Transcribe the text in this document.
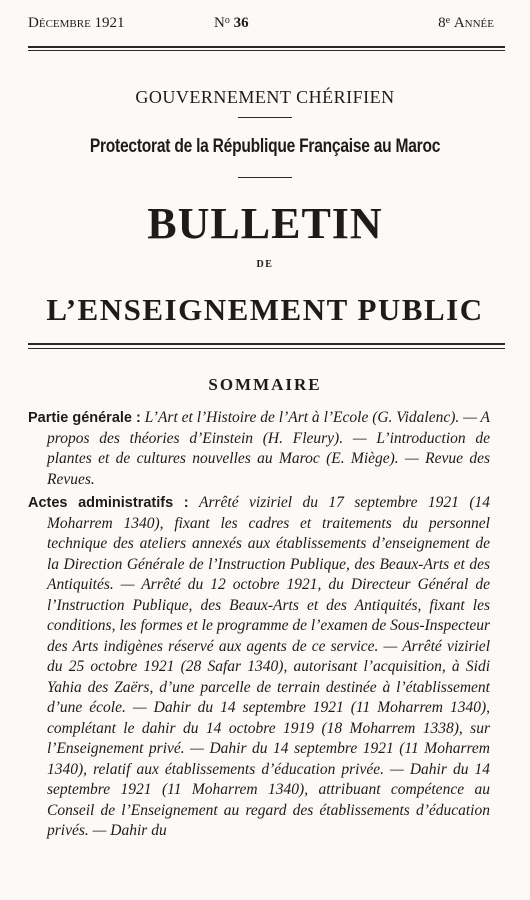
Décembre 1921	$N^o$ 36	8e Année
GOUVERNEMENT CHÉRIFIEN
Protectorat de la République Française au Maroc
BULLETIN
DE
L’ENSEIGNEMENT PUBLIC
SOMMAIRE
Partie générale : L’Art et l’Histoire de l’Art à l’Ecole (G. Vidalenc). — A propos des théories d’Einstein (H. Fleury). — L’introduction de plantes et de cultures nouvelles au Maroc (E. Miège). — Revue des Revues.
Actes administratifs : Arrêté viziriel du 17 septembre 1921 (14 Moharrem 1340), fixant les cadres et traitements du personnel technique des ateliers annexés aux établissements d’enseignement de la Direction Générale de l’Instruction Publique, des Beaux-Arts et des Antiquités. — Arrêté du 12 octobre 1921, du Directeur Général de l’Instruction Publique, des Beaux-Arts et des Antiquités, fixant les conditions, les formes et le programme de l’examen de Sous-Inspecteur des Arts indigènes réservé aux agents de ce service. — Arrêté viziriel du 25 octobre 1921 (28 Safar 1340), autorisant l’acquisition, à Sidi Yahia des Zaërs, d’une parcelle de terrain destinée à l’établissement d’une école. — Dahir du 14 septembre 1921 (11 Moharrem 1340), complétant le dahir du 14 octobre 1919 (18 Moharrem 1338), sur l’Enseignement privé. — Dahir du 14 septembre 1921 (11 Moharrem 1340), relatif aux établissements d’éducation privée. — Dahir du 14 septembre 1921 (11 Moharrem 1340), attribuant compétence au Conseil de l’Enseignement au regard des établissements d’éducation privés. — Dahir du
